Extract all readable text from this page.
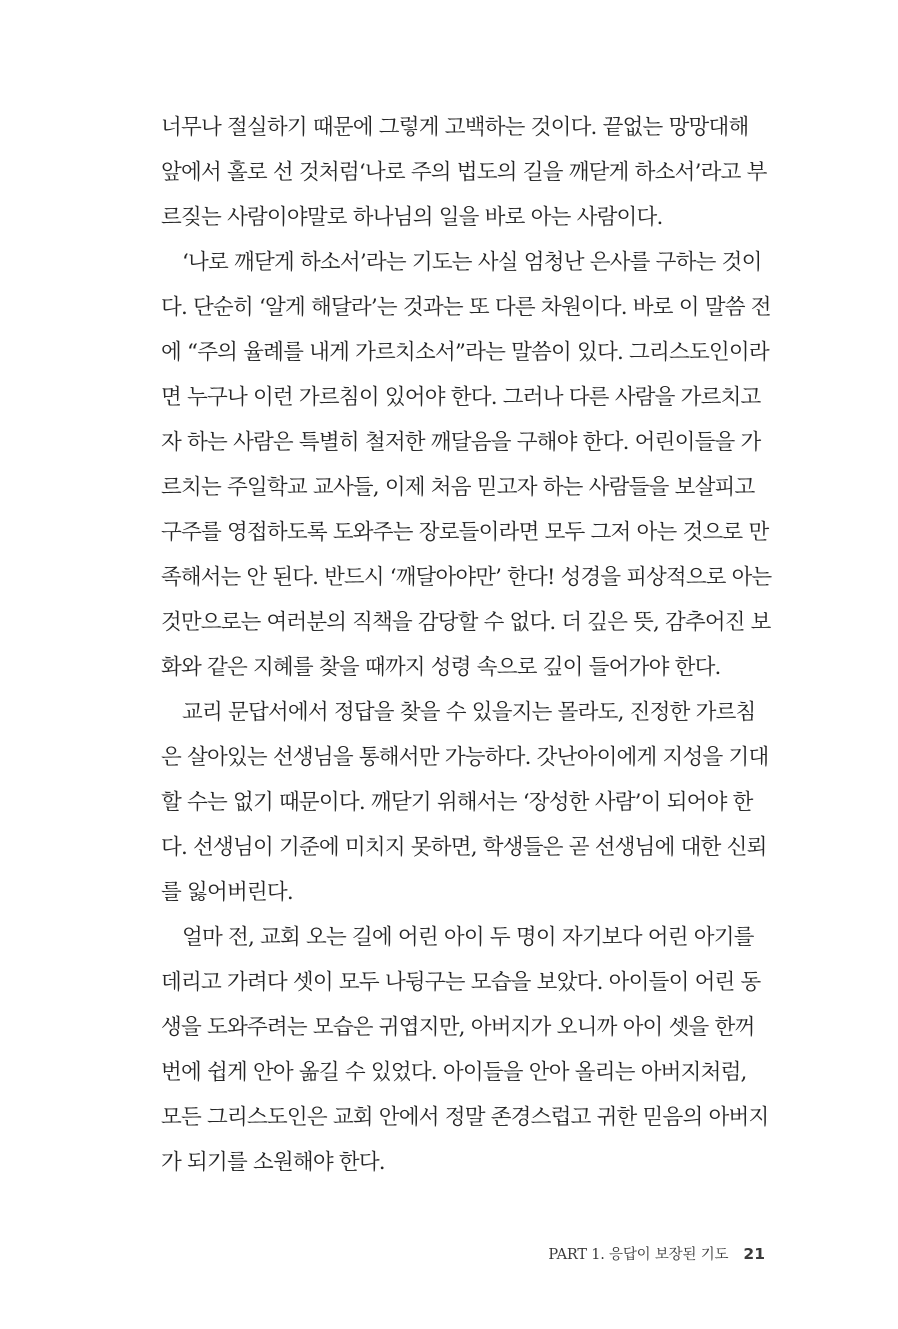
너무나 절실하기 때문에 그렇게 고백하는 것이다. 끝없는 망망대해
앞에서 홀로 선 것처럼‘나로 주의 법도의 길을 깨닫게 하소서’라고 부
르짖는 사람이야말로 하나님의 일을 바로 아는 사람이다.
‘나로 깨닫게 하소서’라는 기도는 사실 엄청난 은사를 구하는 것이
다. 단순히 ‘알게 해달라’는 것과는 또 다른 차원이다. 바로 이 말씀 전
에 “주의 율례를 내게 가르치소서”라는 말씀이 있다. 그리스도인이라
면 누구나 이런 가르침이 있어야 한다. 그러나 다른 사람을 가르치고
자 하는 사람은 특별히 철저한 깨달음을 구해야 한다. 어린이들을 가
르치는 주일학교 교사들, 이제 처음 믿고자 하는 사람들을 보살피고
구주를 영접하도록 도와주는 장로들이라면 모두 그저 아는 것으로 만
족해서는 안 된다. 반드시 ‘깨달아야만’ 한다! 성경을 피상적으로 아는
것만으로는 여러분의 직책을 감당할 수 없다. 더 깊은 뜻, 감추어진 보
화와 같은 지혜를 찾을 때까지 성령 속으로 깊이 들어가야 한다.
교리 문답서에서 정답을 찾을 수 있을지는 몰라도, 진정한 가르침
은 살아있는 선생님을 통해서만 가능하다. 갓난아이에게 지성을 기대
할 수는 없기 때문이다. 깨닫기 위해서는 ‘장성한 사람’이 되어야 한
다. 선생님이 기준에 미치지 못하면, 학생들은 곧 선생님에 대한 신뢰
를 잃어버린다.
얼마 전, 교회 오는 길에 어린 아이 두 명이 자기보다 어린 아기를
데리고 가려다 셋이 모두 나뒹구는 모습을 보았다. 아이들이 어린 동
생을 도와주려는 모습은 귀엽지만, 아버지가 오니까 아이 셋을 한꺼
번에 쉽게 안아 옮길 수 있었다. 아이들을 안아 올리는 아버지처럼,
모든 그리스도인은 교회 안에서 정말 존경스럽고 귀한 믿음의 아버지
가 되기를 소원해야 한다.
PART 1. 응답이 보장된 기도 21
